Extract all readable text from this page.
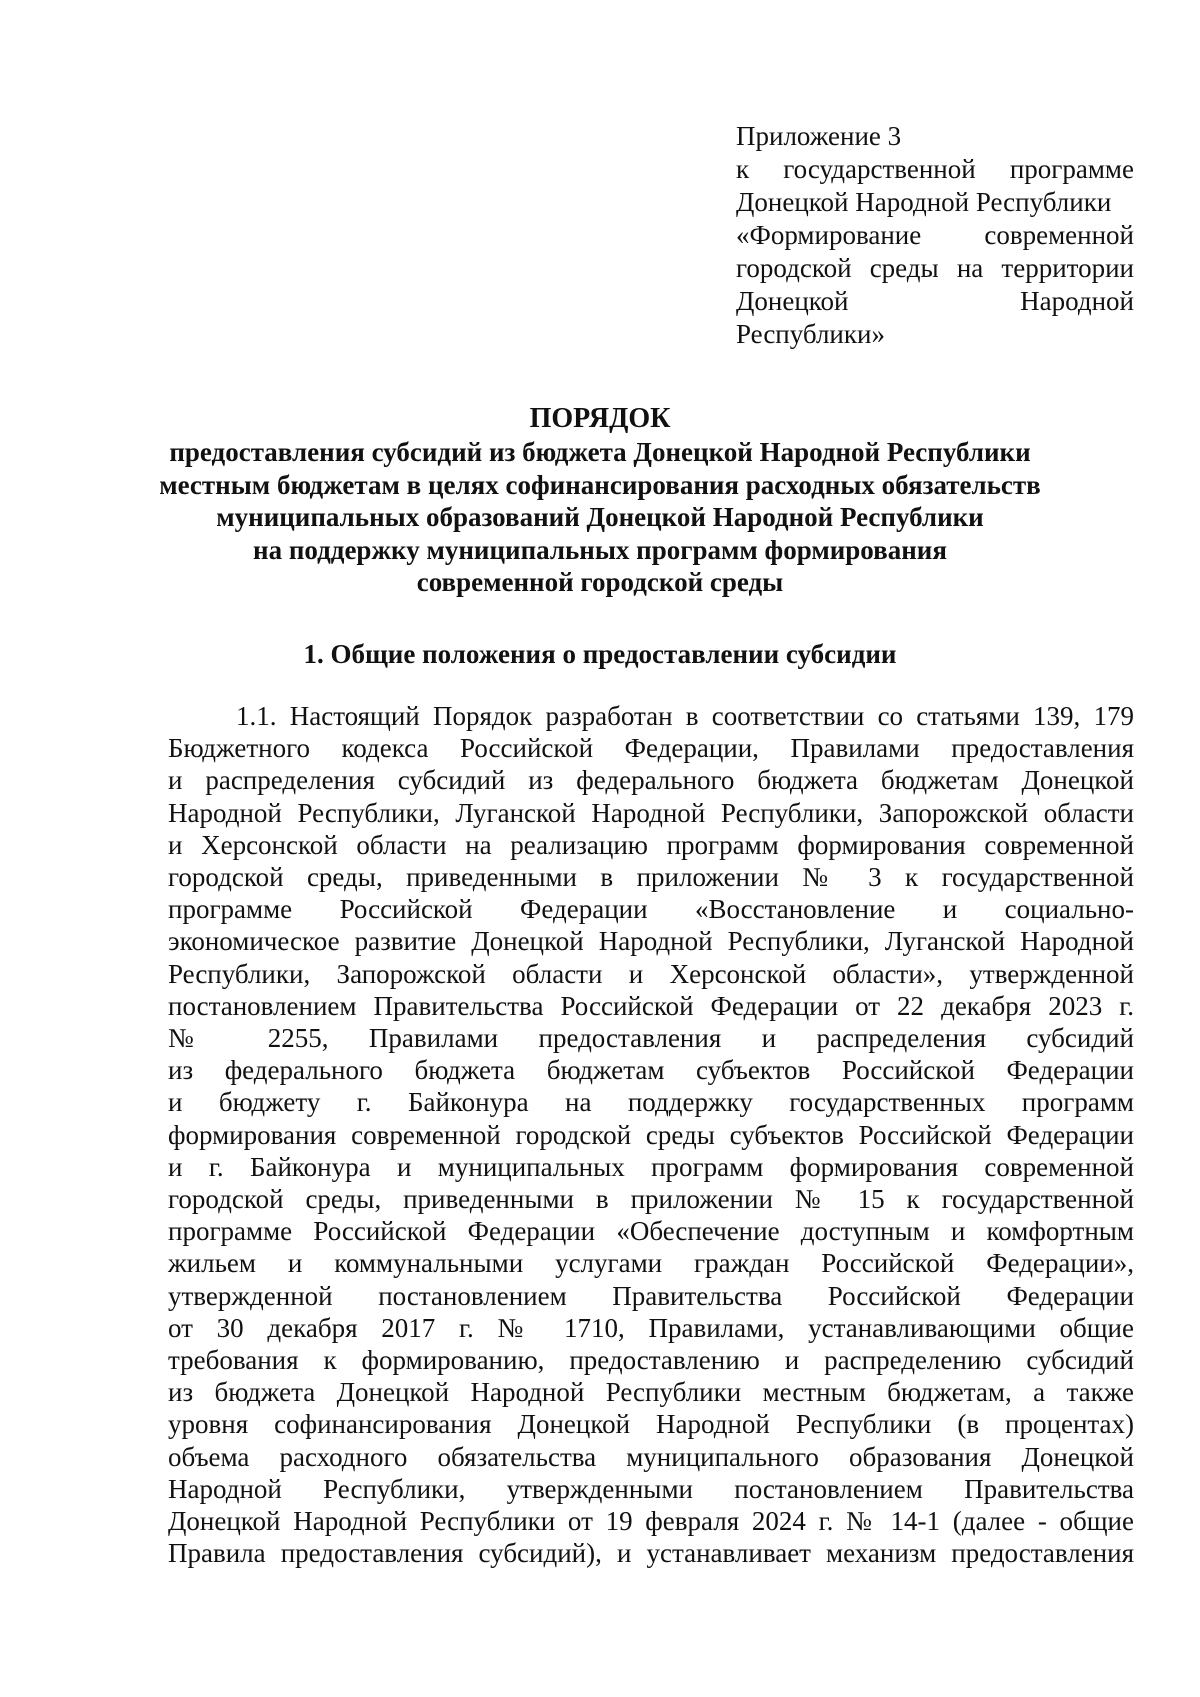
Приложение 3
к государственной программе
Донецкой Народной Республики
«Формирование современной
городской среды на территории
Донецкой Народной
Республики»
ПОРЯДОК
предоставления субсидий из бюджета Донецкой Народной Республики
местным бюджетам в целях софинансирования расходных обязательств
муниципальных образований Донецкой Народной Республики
на поддержку муниципальных программ формирования
современной городской среды
1. Общие положения о предоставлении субсидии
1.1. Настоящий Порядок разработан в соответствии со статьями 139, 179
Бюджетного кодекса Российской Федерации, Правилами предоставления
и распределения субсидий из федерального бюджета бюджетам Донецкой
Народной Республики, Луганской Народной Республики, Запорожской области
и Херсонской области на реализацию программ формирования современной
городской среды, приведенными в приложении № 3 к государственной
программе Российской Федерации «Восстановление и социально-
экономическое развитие Донецкой Народной Республики, Луганской Народной
Республики, Запорожской области и Херсонской области», утвержденной
постановлением Правительства Российской Федерации от 22 декабря 2023 г.
№ 2255, Правилами предоставления и распределения субсидий
из федерального бюджета бюджетам субъектов Российской Федерации
и бюджету г. Байконура на поддержку государственных программ
формирования современной городской среды субъектов Российской Федерации
и г. Байконура и муниципальных программ формирования современной
городской среды, приведенными в приложении № 15 к государственной
программе Российской Федерации «Обеспечение доступным и комфортным
жильем и коммунальными услугами граждан Российской Федерации»,
утвержденной постановлением Правительства Российской Федерации
от 30 декабря 2017 г. № 1710, Правилами, устанавливающими общие
требования к формированию, предоставлению и распределению субсидий
из бюджета Донецкой Народной Республики местным бюджетам, а также
уровня софинансирования Донецкой Народной Республики (в процентах)
объема расходного обязательства муниципального образования Донецкой
Народной Республики, утвержденными постановлением Правительства
Донецкой Народной Республики от 19 февраля 2024 г. № 14-1 (далее - общие
Правила предоставления субсидий), и устанавливает механизм предоставления
